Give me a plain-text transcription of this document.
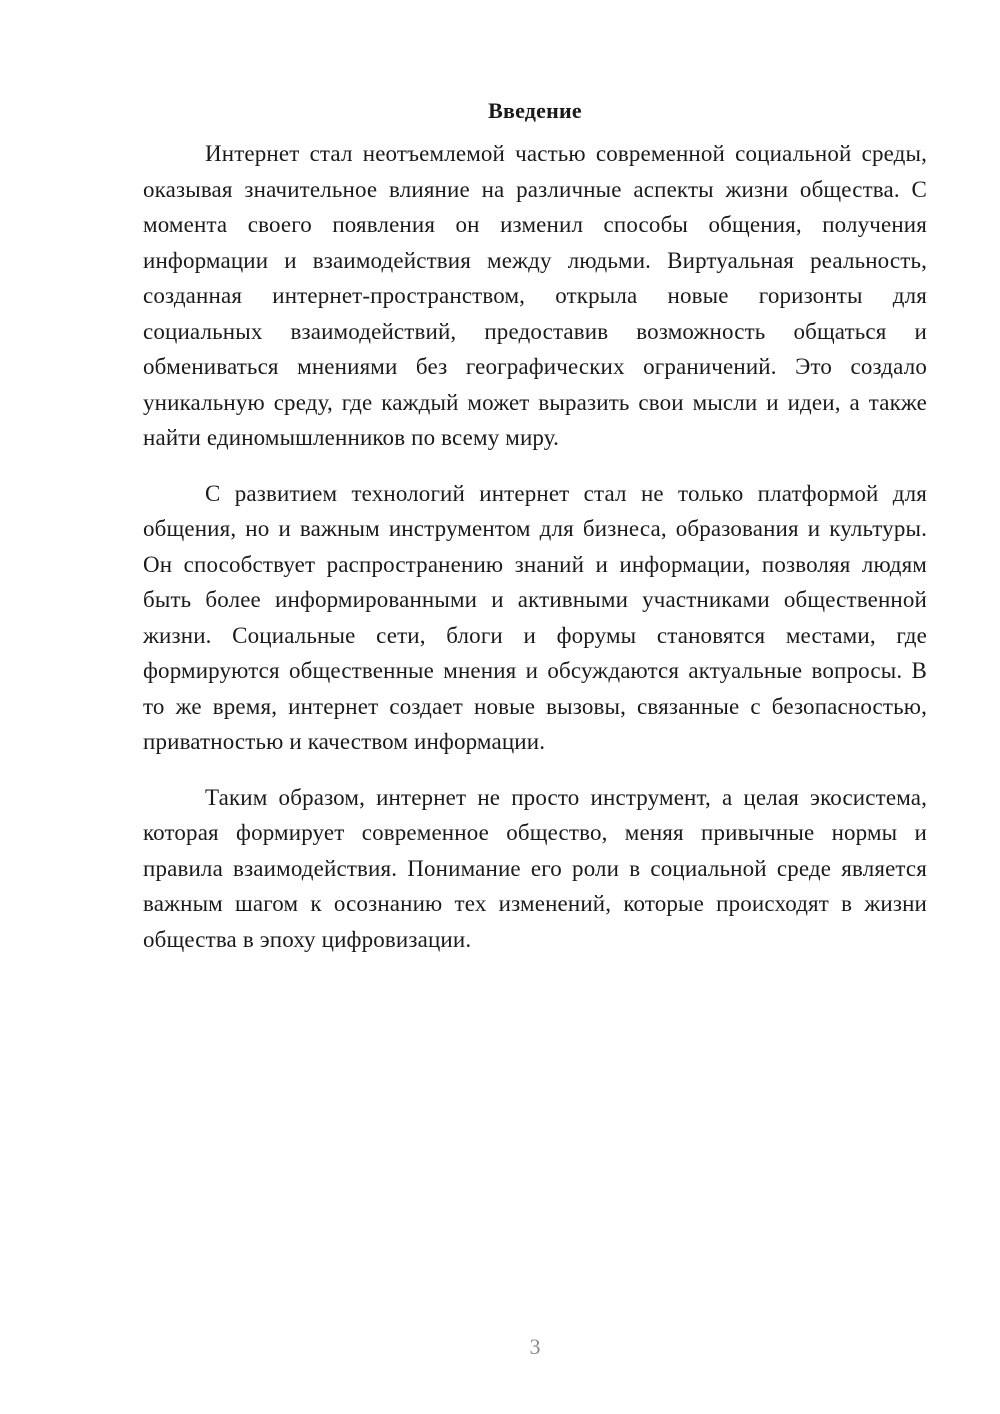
Введение

Интернет стал неотъемлемой частью современной социальной среды, оказывая значительное влияние на различные аспекты жизни общества. С момента своего появления он изменил способы общения, получения информации и взаимодействия между людьми. Виртуальная реальность, созданная интернет-пространством, открыла новые горизонты для социальных взаимодействий, предоставив возможность общаться и обмениваться мнениями без географических ограничений. Это создало уникальную среду, где каждый может выразить свои мысли и идеи, а также найти единомышленников по всему миру.

С развитием технологий интернет стал не только платформой для общения, но и важным инструментом для бизнеса, образования и культуры. Он способствует распространению знаний и информации, позволяя людям быть более информированными и активными участниками общественной жизни. Социальные сети, блоги и форумы становятся местами, где формируются общественные мнения и обсуждаются актуальные вопросы. В то же время, интернет создает новые вызовы, связанные с безопасностью, приватностью и качеством информации.

Таким образом, интернет не просто инструмент, а целая экосистема, которая формирует современное общество, меняя привычные нормы и правила взаимодействия. Понимание его роли в социальной среде является важным шагом к осознанию тех изменений, которые происходят в жизни общества в эпоху цифровизации.

3
